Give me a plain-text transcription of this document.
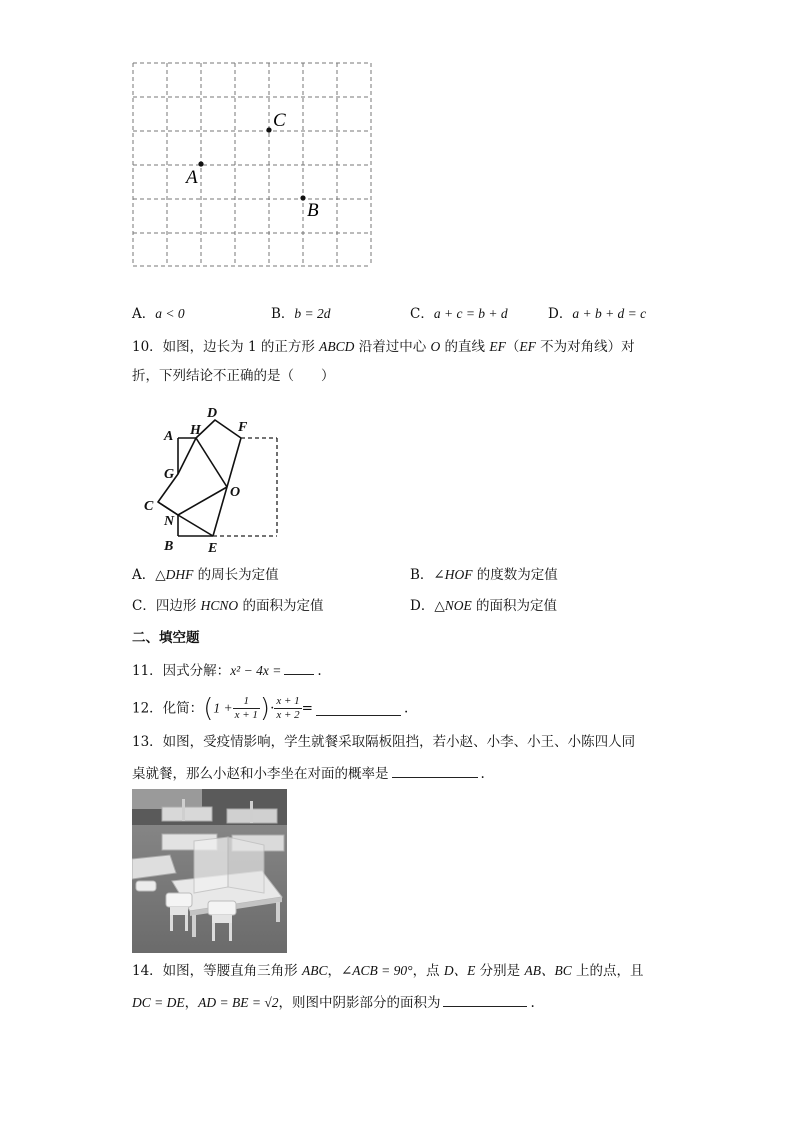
A
B
C
A．a < 0	B．b = 2d	C．a + c = b + d	D．a + b + d = c
10．如图，边长为 1 的正方形 ABCD 沿着过中心 O 的直线 EF（EF 不为对角线）对
折，下列结论不正确的是（　　）
D
H	F
A
G
O
C
N
B E
A．△DHF 的周长为定值	B．∠HOF 的度数为定值
C．四边形 HCNO 的面积为定值	D．△NOE 的面积为定值
二、填空题
11．因式分解：x² − 4x =	.
12．化简：($1 + \frac{1}{x + 1}$ )· $\frac{x + 1}{x + 2}$ =	.
13．如图，受疫情影响，学生就餐采取隔板阻挡，若小赵、小李、小王、小陈四人同
桌就餐，那么小赵和小李坐在对面的概率是	.
14．如图，等腰直角三角形 ABC，∠ACB = 90°，点 D、E 分别是 AB、BC 上的点，且
DC = DE，AD = BE = √2，则图中阴影部分的面积为	.
